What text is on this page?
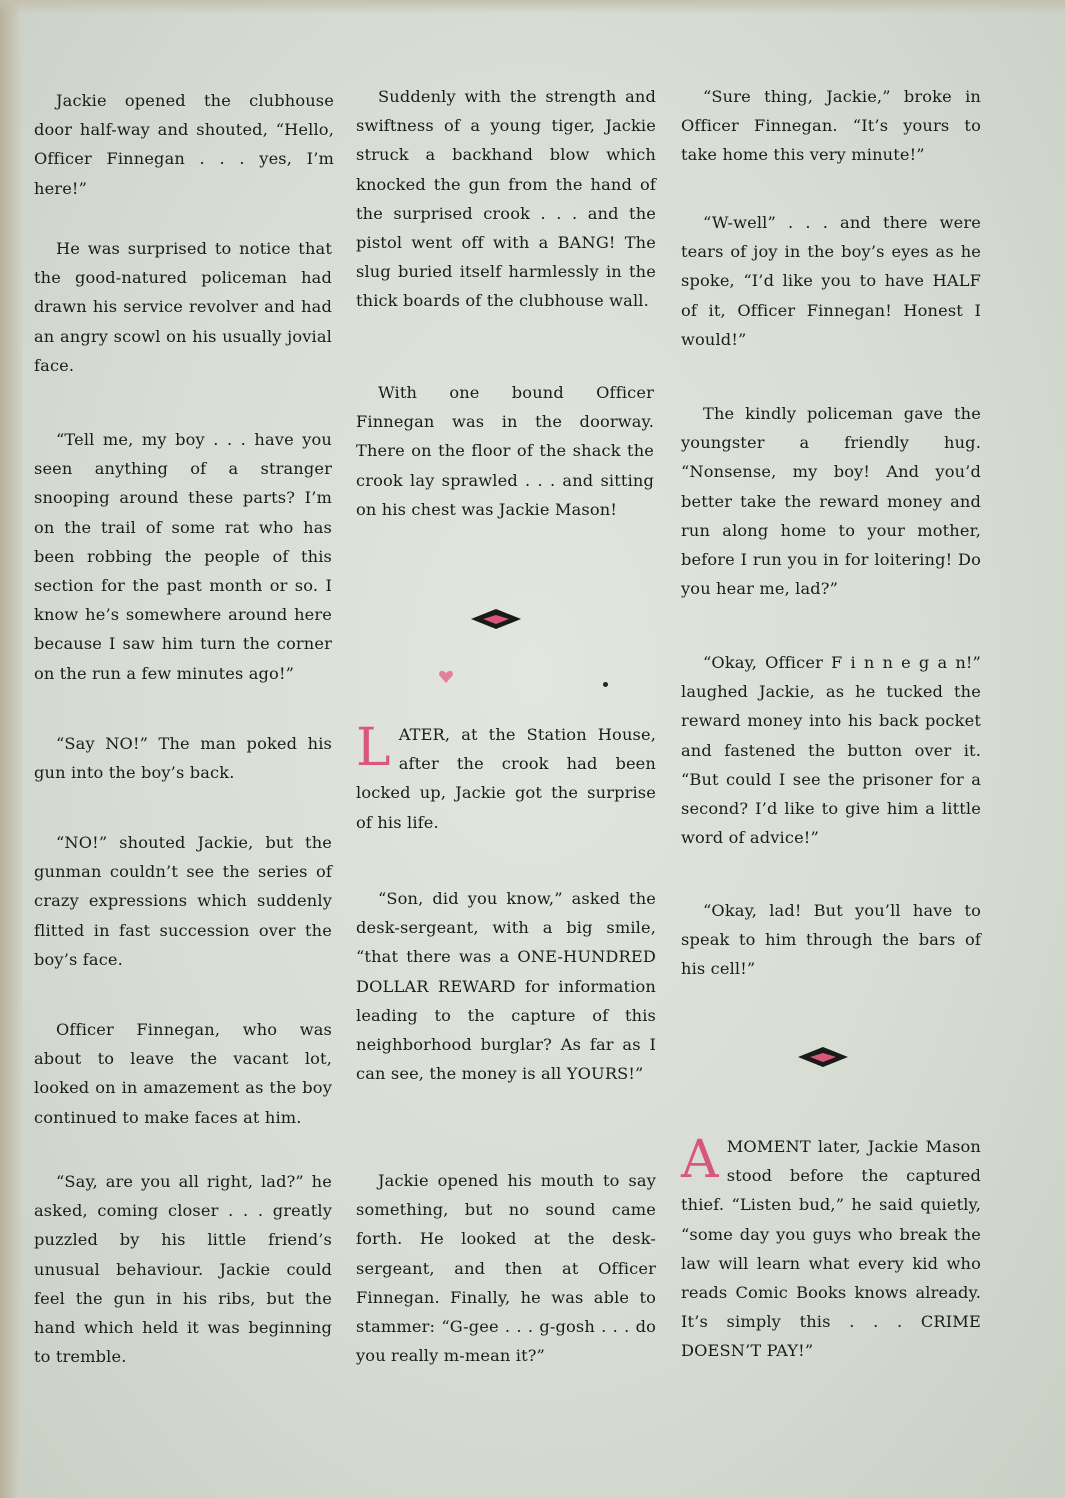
Jackie opened the clubhouse door half-way and shouted, “Hello, Officer Finnegan . . . yes, I’m here!”

He was surprised to notice that the good-natured policeman had drawn his service revolver and had an angry scowl on his usually jovial face.

“Tell me, my boy . . . have you seen anything of a stranger snooping around these parts? I’m on the trail of some rat who has been robbing the people of this section for the past month or so. I know he’s somewhere around here because I saw him turn the corner on the run a few minutes ago!”

“Say NO!” The man poked his gun into the boy’s back.

“NO!” shouted Jackie, but the gunman couldn’t see the series of crazy expressions which suddenly flitted in fast succession over the boy’s face.

Officer Finnegan, who was about to leave the vacant lot, looked on in amazement as the boy continued to make faces at him.

“Say, are you all right, lad?” he asked, coming closer . . . greatly puzzled by his little friend’s unusual behaviour. Jackie could feel the gun in his ribs, but the hand which held it was beginning to tremble.

Suddenly with the strength and swiftness of a young tiger, Jackie struck a backhand blow which knocked the gun from the hand of the surprised crook . . . and the pistol went off with a BANG! The slug buried itself harmlessly in the thick boards of the clubhouse wall.

With one bound Officer Finnegan was in the doorway. There on the floor of the shack the crook lay sprawled . . . and sitting on his chest was Jackie Mason!

LATER, at the Station House, after the crook had been locked up, Jackie got the surprise of his life.

“Son, did you know,” asked the desk-sergeant, with a big smile, “that there was a ONE-HUNDRED DOLLAR REWARD for information leading to the capture of this neighborhood burglar? As far as I can see, the money is all YOURS!”

Jackie opened his mouth to say something, but no sound came forth. He looked at the desk-sergeant, and then at Officer Finnegan. Finally, he was able to stammer: “G-gee . . . g-gosh . . . do you really m-mean it?”

“Sure thing, Jackie,” broke in Officer Finnegan. “It’s yours to take home this very minute!”

“W-well” . . . and there were tears of joy in the boy’s eyes as he spoke, “I’d like you to have HALF of it, Officer Finnegan! Honest I would!”

The kindly policeman gave the youngster a friendly hug. “Nonsense, my boy! And you’d better take the reward money and run along home to your mother, before I run you in for loitering! Do you hear me, lad?”

“Okay, Officer F i n n e g a n!” laughed Jackie, as he tucked the reward money into his back pocket and fastened the button over it. “But could I see the prisoner for a second? I’d like to give him a little word of advice!”

“Okay, lad! But you’ll have to speak to him through the bars of his cell!”

AMOMENT later, Jackie Mason stood before the captured thief. “Listen bud,” he said quietly, “some day you guys who break the law will learn what every kid who reads Comic Books knows already. It’s simply this . . . CRIME DOESN’T PAY!”
